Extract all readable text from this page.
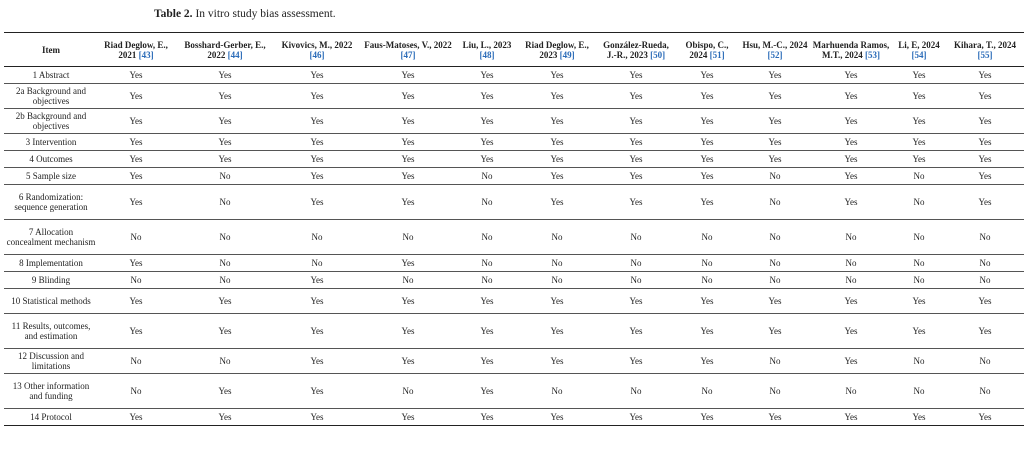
Table 2. In vitro study bias assessment.
Item	Riad Deglow, E., 2021 [43]	Bosshard-Gerber, E., 2022 [44]	Kivovics, M., 2022 [46]	Faus-Matoses, V., 2022 [47]	Liu, L., 2023 [48]	Riad Deglow, E., 2023 [49]	González-Rueda, J.-R., 2023 [50]	Obispo, C., 2024 [51]	Hsu, M.-C., 2024 [52]	Marhuenda Ramos, M.T., 2024 [53]	Li, E, 2024 [54]	Kihara, T., 2024 [55]
1 Abstract	Yes	Yes	Yes	Yes	Yes	Yes	Yes	Yes	Yes	Yes	Yes	Yes
2a Background and objectives	Yes	Yes	Yes	Yes	Yes	Yes	Yes	Yes	Yes	Yes	Yes	Yes
2b Background and objectives	Yes	Yes	Yes	Yes	Yes	Yes	Yes	Yes	Yes	Yes	Yes	Yes
3 Intervention	Yes	Yes	Yes	Yes	Yes	Yes	Yes	Yes	Yes	Yes	Yes	Yes
4 Outcomes	Yes	Yes	Yes	Yes	Yes	Yes	Yes	Yes	Yes	Yes	Yes	Yes
5 Sample size	Yes	No	Yes	Yes	No	Yes	Yes	Yes	No	Yes	No	Yes
6 Randomization: sequence generation	Yes	No	Yes	Yes	No	Yes	Yes	Yes	No	Yes	No	Yes
7 Allocation concealment mechanism	No	No	No	No	No	No	No	No	No	No	No	No
8 Implementation	Yes	No	No	Yes	No	No	No	No	No	No	No	No
9 Blinding	No	No	Yes	No	No	No	No	No	No	No	No	No
10 Statistical methods	Yes	Yes	Yes	Yes	Yes	Yes	Yes	Yes	Yes	Yes	Yes	Yes
11 Results, outcomes, and estimation	Yes	Yes	Yes	Yes	Yes	Yes	Yes	Yes	Yes	Yes	Yes	Yes
12 Discussion and limitations	No	No	Yes	Yes	Yes	Yes	Yes	Yes	No	Yes	No	No
13 Other information and funding	No	Yes	Yes	No	Yes	No	No	No	No	No	No	No
14 Protocol	Yes	Yes	Yes	Yes	Yes	Yes	Yes	Yes	Yes	Yes	Yes	Yes
